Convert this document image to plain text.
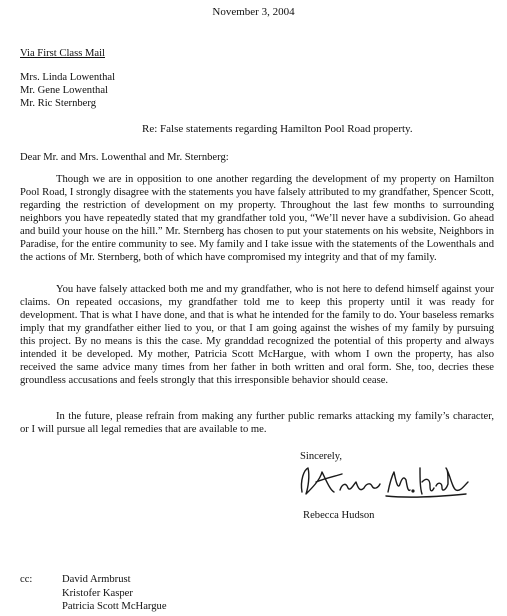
November 3, 2004
Via First Class Mail
Mrs. Linda Lowenthal
Mr. Gene Lowenthal
Mr. Ric Sternberg
Re: False statements regarding Hamilton Pool Road property.
Dear Mr. and Mrs. Lowenthal and Mr. Sternberg:
Though we are in opposition to one another regarding the development of my property on Hamilton Pool Road, I strongly disagree with the statements you have falsely attributed to my grandfather, Spencer Scott, regarding the restriction of development on my property. Throughout the last few months to surrounding neighbors you have repeatedly stated that my grandfather told you, “We’ll never have a subdivision. Go ahead and build your house on the hill.” Mr. Sternberg has chosen to put your statements on his website, Neighbors in Paradise, for the entire community to see. My family and I take issue with the statements of the Lowenthals and the actions of Mr. Sternberg, both of which have compromised my integrity and that of my family.
You have falsely attacked both me and my grandfather, who is not here to defend himself against your claims. On repeated occasions, my grandfather told me to keep this property until it was ready for development. That is what I have done, and that is what he intended for the family to do. Your baseless remarks imply that my grandfather either lied to you, or that I am going against the wishes of my family by pursuing this project. By no means is this the case. My granddad recognized the potential of this property and always intended it be developed. My mother, Patricia Scott McHargue, with whom I own the property, has also received the same advice many times from her father in both written and oral form. She, too, decries these groundless accusations and feels strongly that this irresponsible behavior should cease.
In the future, please refrain from making any further public remarks attacking my family’s character, or I will pursue all legal remedies that are available to me.
Sincerely,
Rebecca Hudson
cc:	David Armbrust
Kristofer Kasper
Patricia Scott McHargue
